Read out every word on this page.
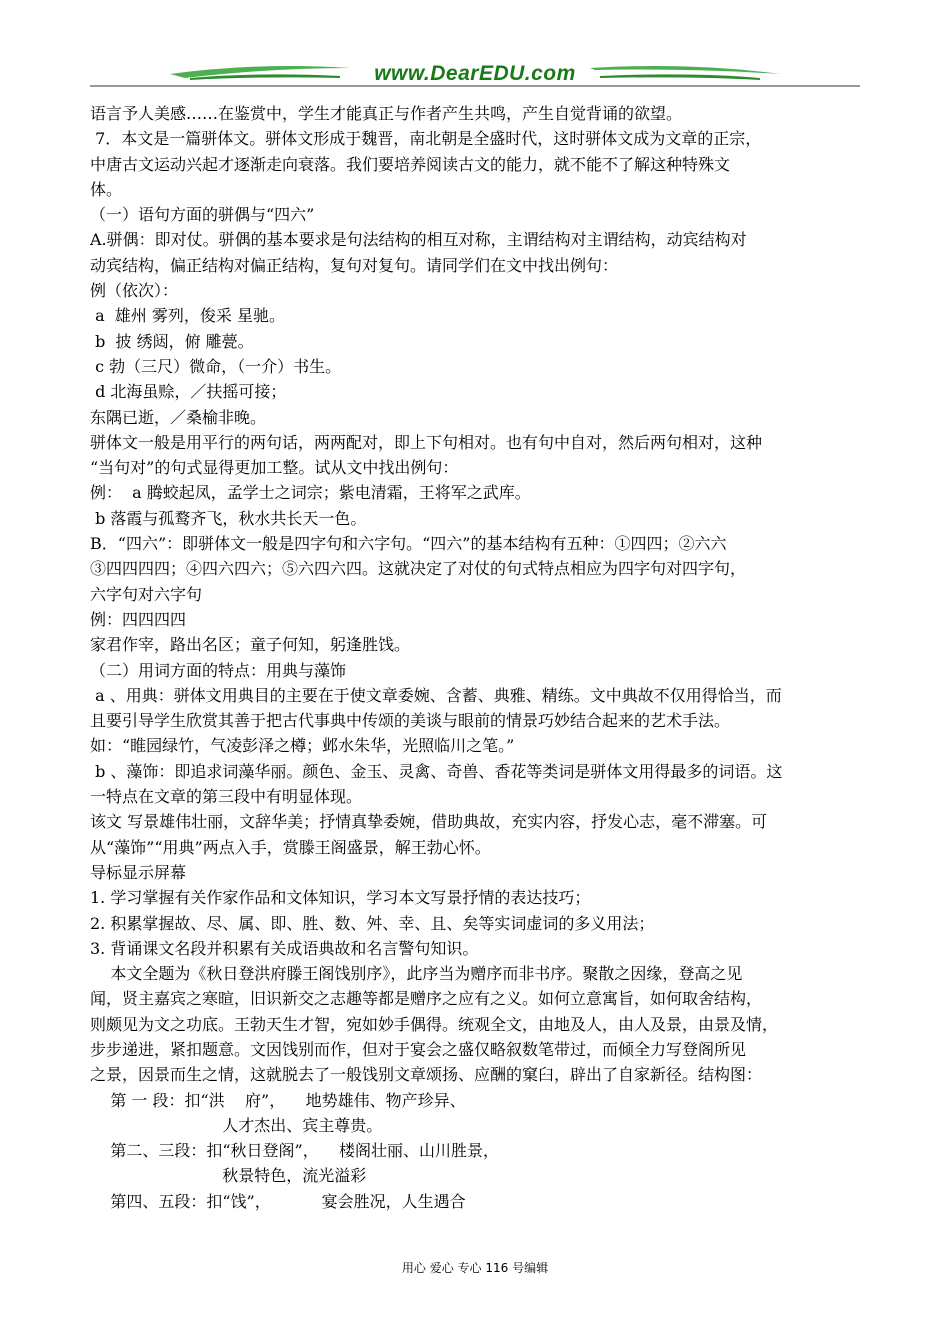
www.DearEDU.com
语言予人美感……在鉴赏中，学生才能真正与作者产生共鸣，产生自觉背诵的欲望。
7．本文是一篇骈体文。骈体文形成于魏晋，南北朝是全盛时代，这时骈体文成为文章的正宗，
中唐古文运动兴起才逐渐走向衰落。我们要培养阅读古文的能力，就不能不了解这种特殊文
体。
（一）语句方面的骈偶与“四六”
A.骈偶：即对仗。骈偶的基本要求是句法结构的相互对称，主谓结构对主谓结构，动宾结构对
动宾结构，偏正结构对偏正结构，复句对复句。请同学们在文中找出例句：
例（依次）：
a  雄州 雾列，俊采 星驰。
b  披 绣闼，俯 雕甍。
c 勃（三尺）微命，（一介）书生。
d 北海虽赊，／扶摇可接；
东隅已逝，／桑榆非晚。
骈体文一般是用平行的两句话，两两配对，即上下句相对。也有句中自对，然后两句相对，这种
“当句对”的句式显得更加工整。试从文中找出例句：
例：  a 腾蛟起凤，孟学士之词宗；紫电清霜，王将军之武库。
b 落霞与孤鹜齐飞，秋水共长天一色。
B．“四六”：即骈体文一般是四字句和六字句。“四六”的基本结构有五种：①四四；②六六
③四四四四；④四六四六；⑤六四六四。这就决定了对仗的句式特点相应为四字句对四字句，
六字句对六字句
例：四四四四
家君作宰，路出名区；童子何知，躬逢胜饯。
（二）用词方面的特点：用典与藻饰
a 、用典：骈体文用典目的主要在于使文章委婉、含蓄、典雅、精练。文中典故不仅用得恰当，而
且要引导学生欣赏其善于把古代事典中传颂的美谈与眼前的情景巧妙结合起来的艺术手法。
如：“睢园绿竹，气凌彭泽之樽；邺水朱华，光照临川之笔。”
b 、藻饰：即追求词藻华丽。颜色、金玉、灵禽、奇兽、香花等类词是骈体文用得最多的词语。这
一特点在文章的第三段中有明显体现。
该文 写景雄伟壮丽，文辞华美；抒情真挚委婉，借助典故，充实内容，抒发心志，毫不滞塞。可
从“藻饰”“用典”两点入手，赏滕王阁盛景，解王勃心怀。
导标显示屏幕
1. 学习掌握有关作家作品和文体知识，学习本文写景抒情的表达技巧；
2. 积累掌握故、尽、属、即、胜、数、舛、幸、且、矣等实词虚词的多义用法；
3. 背诵课文名段并积累有关成语典故和名言警句知识。
本文全题为《秋日登洪府滕王阁饯别序》，此序当为赠序而非书序。聚散之因缘，登高之见
闻，贤主嘉宾之寒暄，旧识新交之志趣等都是赠序之应有之义。如何立意寓旨，如何取舍结构，
则颇见为文之功底。王勃天生才智，宛如妙手偶得。统观全文，由地及人，由人及景，由景及情，
步步递进，紧扣题意。文因饯别而作，但对于宴会之盛仅略叙数笔带过，而倾全力写登阁所见
之景，因景而生之情，这就脱去了一般饯别文章颂扬、应酬的窠臼，辟出了自家新径。结构图：
第 一 段：扣“洪    府”，    地势雄伟、物产珍异、
人才杰出、宾主尊贵。
第二、三段：扣“秋日登阁”，    楼阁壮丽、山川胜景，
秋景特色，流光溢彩
第四、五段：扣“饯”，          宴会胜况，人生遇合
用心 爱心 专心 116 号编辑
